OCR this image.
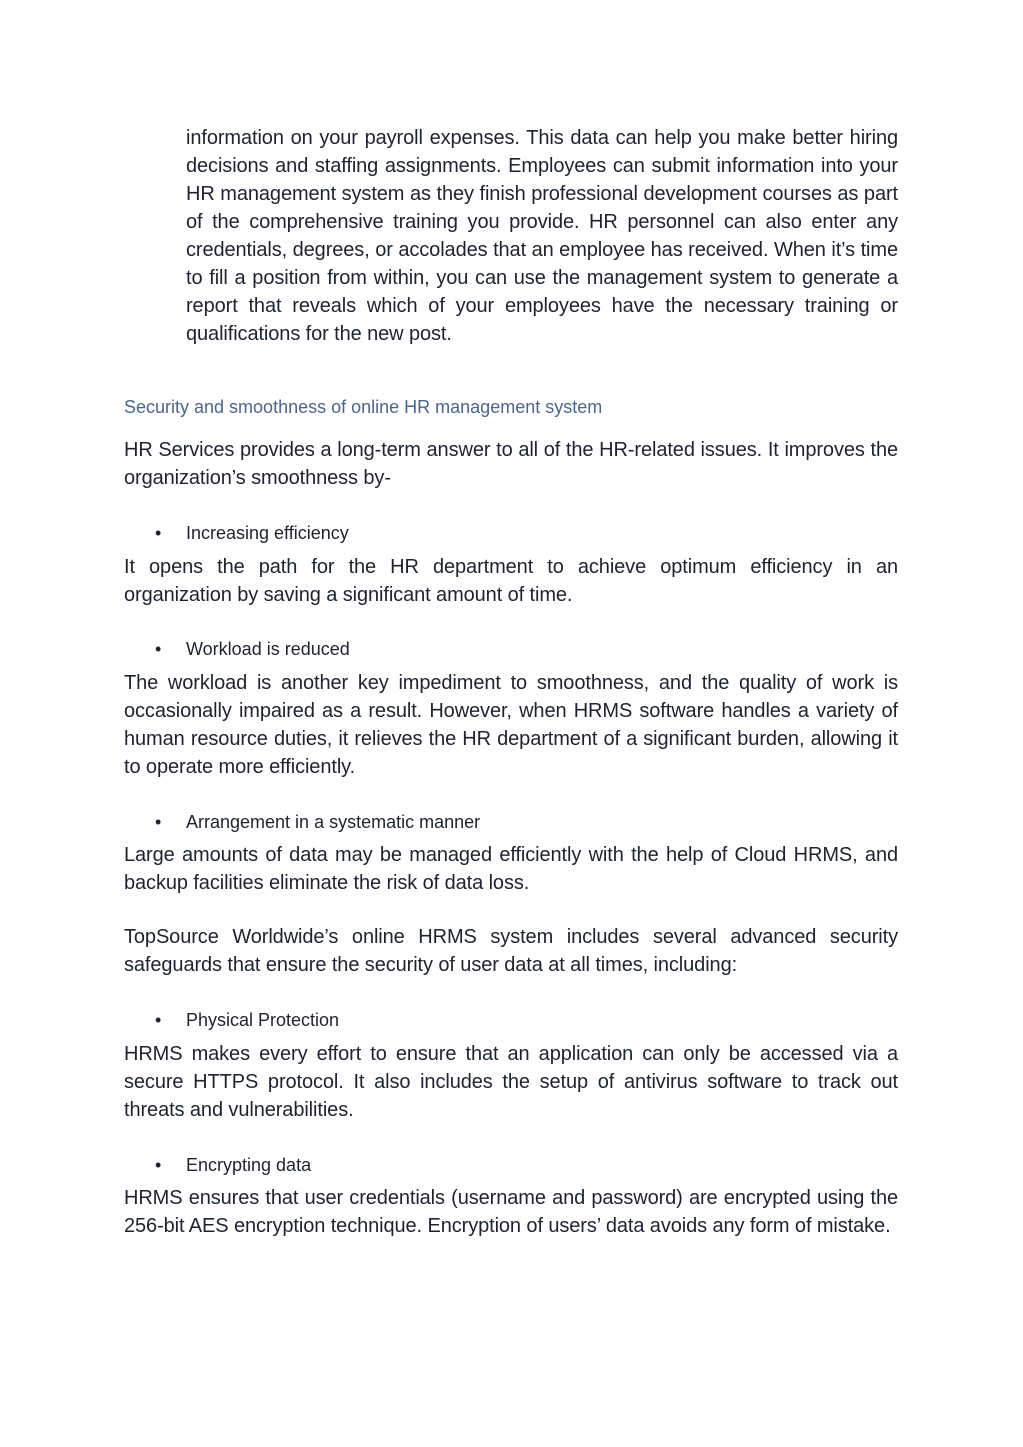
information on your payroll expenses. This data can help you make better hiring decisions and staffing assignments. Employees can submit information into your HR management system as they finish professional development courses as part of the comprehensive training you provide. HR personnel can also enter any credentials, degrees, or accolades that an employee has received. When it’s time to fill a position from within, you can use the management system to generate a report that reveals which of your employees have the necessary training or qualifications for the new post.

Security and smoothness of online HR management system

HR Services provides a long-term answer to all of the HR-related issues. It improves the organization’s smoothness by-

• Increasing efficiency

It opens the path for the HR department to achieve optimum efficiency in an organization by saving a significant amount of time.

• Workload is reduced

The workload is another key impediment to smoothness, and the quality of work is occasionally impaired as a result. However, when HRMS software handles a variety of human resource duties, it relieves the HR department of a significant burden, allowing it to operate more efficiently.

• Arrangement in a systematic manner

Large amounts of data may be managed efficiently with the help of Cloud HRMS, and backup facilities eliminate the risk of data loss.

TopSource Worldwide’s online HRMS system includes several advanced security safeguards that ensure the security of user data at all times, including:

• Physical Protection

HRMS makes every effort to ensure that an application can only be accessed via a secure HTTPS protocol. It also includes the setup of antivirus software to track out threats and vulnerabilities.

• Encrypting data

HRMS ensures that user credentials (username and password) are encrypted using the 256-bit AES encryption technique. Encryption of users’ data avoids any form of mistake.
